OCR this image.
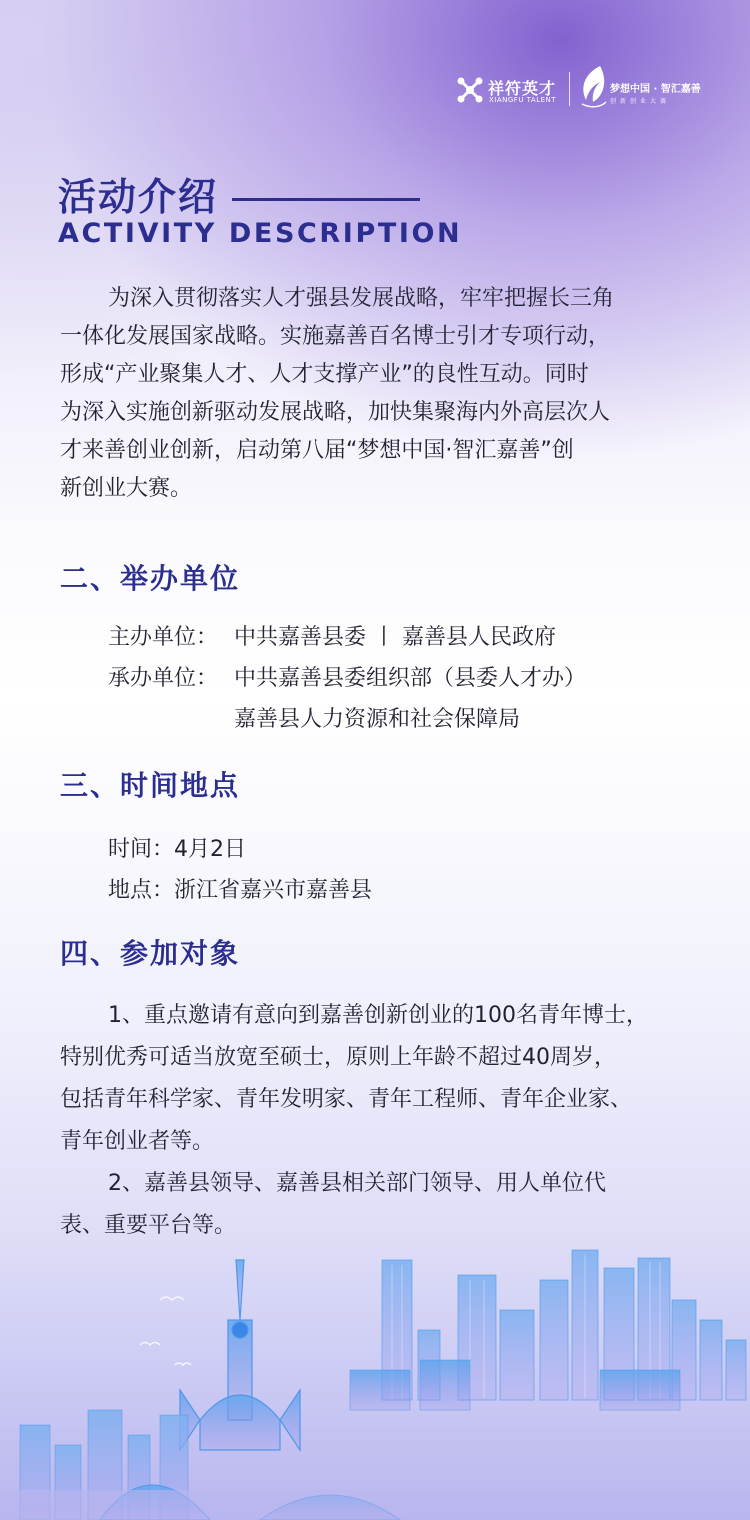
祥符英才
XIANGFU TALENT
梦想中国 · 智汇嘉善
创新创业大赛
活动介绍
ACTIVITY DESCRIPTION
为深入贯彻落实人才强县发展战略，牢牢把握长三角
一体化发展国家战略。实施嘉善百名博士引才专项行动，
形成“产业聚集人才、人才支撑产业”的良性互动。同时
为深入实施创新驱动发展战略，加快集聚海内外高层次人
才来善创业创新，启动第八届“梦想中国·智汇嘉善”创
新创业大赛。
二、举办单位
主办单位： 中共嘉善县委 丨 嘉善县人民政府
承办单位： 中共嘉善县委组织部（县委人才办）
嘉善县人力资源和社会保障局
三、时间地点
时间：4月2日
地点：浙江省嘉兴市嘉善县
四、参加对象
1、重点邀请有意向到嘉善创新创业的100名青年博士，
特别优秀可适当放宽至硕士，原则上年龄不超过40周岁，
包括青年科学家、青年发明家、青年工程师、青年企业家、
青年创业者等。
2、嘉善县领导、嘉善县相关部门领导、用人单位代
表、重要平台等。
